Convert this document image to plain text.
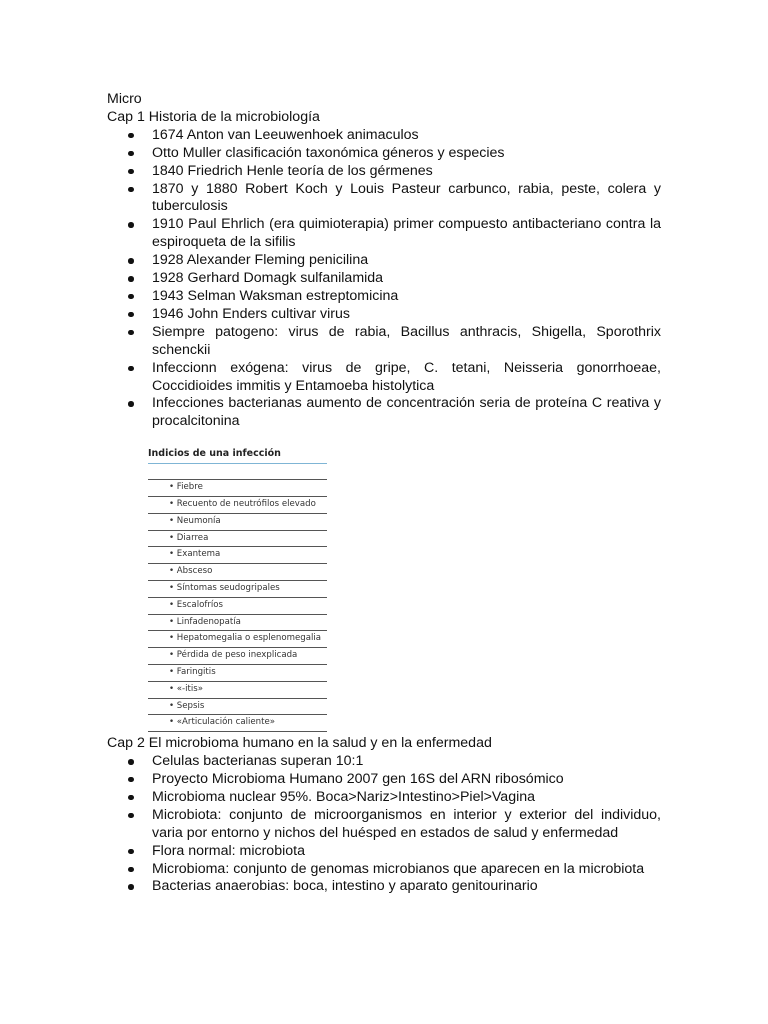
Micro

Cap 1 Historia de la microbiología

1674 Anton van Leeuwenhoek animaculos
Otto Muller clasificación taxonómica géneros y especies
1840 Friedrich Henle teoría de los gérmenes
1870 y 1880 Robert Koch y Louis Pasteur carbunco, rabia, peste, colera y tuberculosis
1910 Paul Ehrlich (era quimioterapia) primer compuesto antibacteriano contra la espiroqueta de la sifilis
1928 Alexander Fleming penicilina
1928 Gerhard Domagk sulfanilamida
1943 Selman Waksman estreptomicina
1946 John Enders cultivar virus
Siempre patogeno: virus de rabia, Bacillus anthracis, Shigella, Sporothrix schenckii
Infeccionn exógena: virus de gripe, C. tetani, Neisseria gonorrhoeae, Coccidioides immitis y Entamoeba histolytica
Infecciones bacterianas aumento de concentración seria de proteína C reativa y procalcitonina
Indicios de una infección
• Fiebre
• Recuento de neutrófilos elevado
• Neumonía
• Diarrea
• Exantema
• Absceso
• Síntomas seudogripales
• Escalofríos
• Linfadenopatía
• Hepatomegalia o esplenomegalia
• Pérdida de peso inexplicada
• Faringitis
• «-itis»
• Sepsis
• «Articulación caliente»

Cap 2 El microbioma humano en la salud y en la enfermedad

Celulas bacterianas superan 10:1
Proyecto Microbioma Humano 2007 gen 16S del ARN ribosómico
Microbioma nuclear 95%. Boca>Nariz>Intestino>Piel>Vagina
Microbiota: conjunto de microorganismos en interior y exterior del individuo, varia por entorno y nichos del huésped en estados de salud y enfermedad
Flora normal: microbiota
Microbioma: conjunto de genomas microbianos que aparecen en la microbiota
Bacterias anaerobias: boca, intestino y aparato genitourinario
